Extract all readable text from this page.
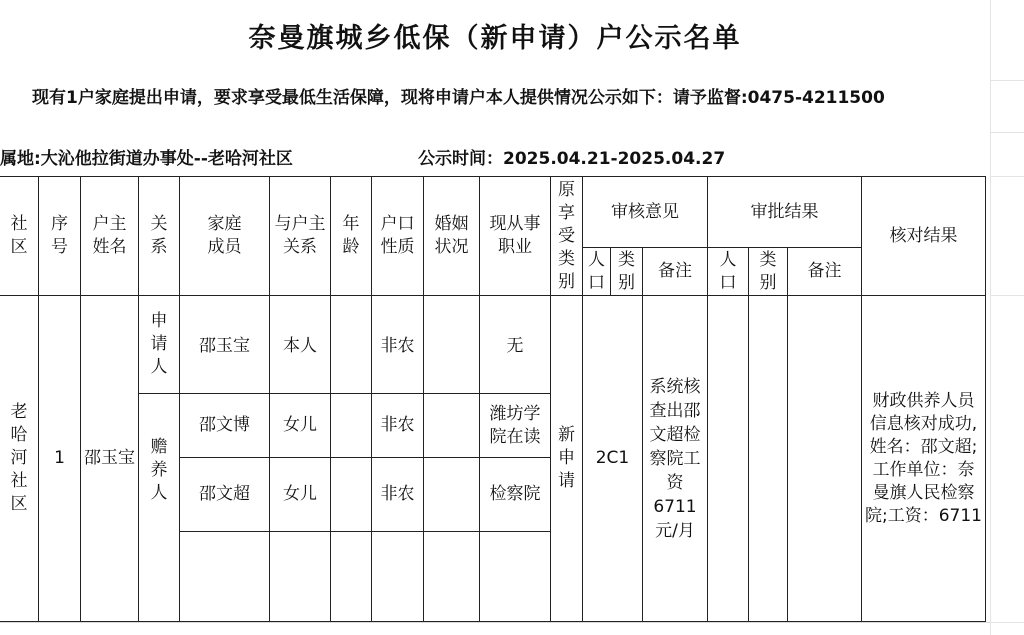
奈曼旗城乡低保（新申请）户公示名单
现有1户家庭提出申请，要求享受最低生活保障，现将申请户本人提供情况公示如下：请予监督:0475-4211500
属地:大沁他拉街道办事处--老哈河社区	公示时间：2025.04.21-2025.04.27
社区	序号	户主姓名	关系	家庭成员	与户主关系	年龄	户口性质	婚姻状况	现从事职业	原享受类别	审核意见			审批结果			核对结果

											人口	类别	备注	人口	类别	备注	

老哈河社区	1	邵玉宝	申请人	邵玉宝	本人		非农		无	新申请	2C1		系统核查出邵文超检察院工资6711元/月				财政供养人员信息核对成功,姓名：邵文超;工作单位：奈曼旗人民检察院;工资：6711

			赡养人	邵文博	女儿		非农		潍坊学院在读								

				邵文超	女儿		非农		检察院								
